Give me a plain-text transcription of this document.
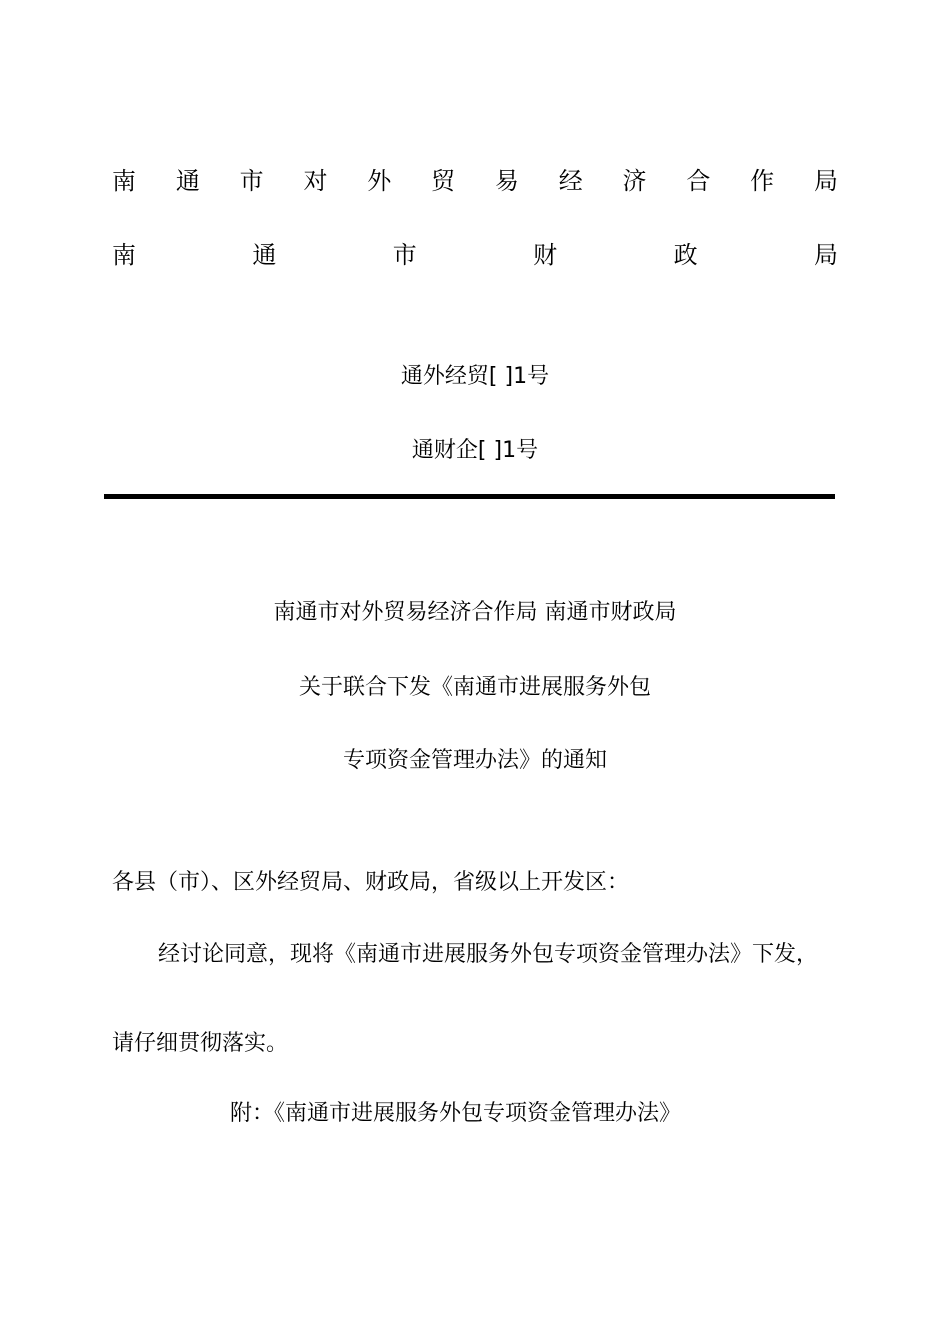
南 通 市 对 外 贸 易 经 济 合 作 局
南	通	市	财	政	局
通外经贸[ ]1号
通财企[ ]1号
南通市对外贸易经济合作局 南通市财政局
关于联合下发《南通市进展服务外包
专项资金管理办法》的通知
各县（市）、区外经贸局、财政局，省级以上开发区：
经讨论同意，现将《南通市进展服务外包专项资金管理办法》下发，
请仔细贯彻落实。
附：《南通市进展服务外包专项资金管理办法》
